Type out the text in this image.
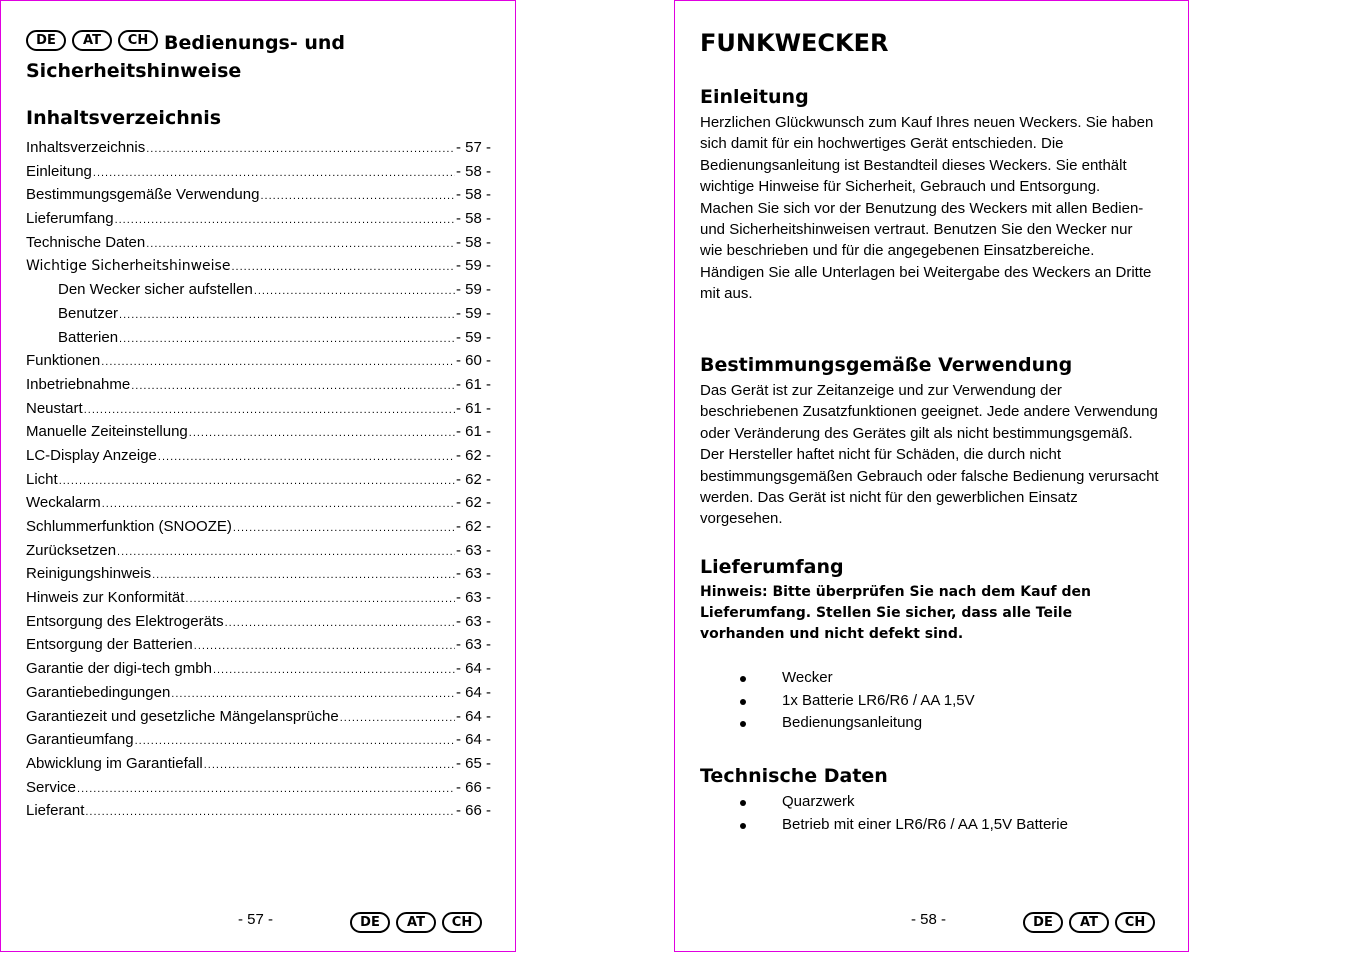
DE	AT	CH Bedienungs- und Sicherheitshinweise
Inhaltsverzeichnis
Inhaltsverzeichnis .....	- 57 -
Einleitung .....	- 58 -
Bestimmungsgemäße Verwendung .....	- 58 -
Lieferumfang .....	- 58 -
Technische Daten .....	- 58 -
Wichtige Sicherheitshinweise .....	- 59 -
Den Wecker sicher aufstellen .....	- 59 -
Benutzer .....	- 59 -
Batterien .....	- 59 -
Funktionen .....	- 60 -
Inbetriebnahme .....	- 61 -
Neustart .....	- 61 -
Manuelle Zeiteinstellung .....	- 61 -
LC-Display Anzeige .....	- 62 -
Licht .....	- 62 -
Weckalarm .....	- 62 -
Schlummerfunktion (SNOOZE) .....	- 62 -
Zurücksetzen .....	- 63 -
Reinigungshinweis .....	- 63 -
Hinweis zur Konformität .....	- 63 -
Entsorgung des Elektrogeräts .....	- 63 -
Entsorgung der Batterien .....	- 63 -
Garantie der digi-tech gmbh .....	- 64 -
Garantiebedingungen .....	- 64 -
Garantiezeit und gesetzliche Mängelansprüche .....	- 64 -
Garantieumfang .....	- 64 -
Abwicklung im Garantiefall .....	- 65 -
Service .....	- 66 -
Lieferant .....	- 66 -
- 57 -	DE	AT	CH
FUNKWECKER
Einleitung

Herzlichen Glückwunsch zum Kauf Ihres neuen Weckers. Sie haben sich damit für ein hochwertiges Gerät entschieden. Die Bedienungsanleitung ist Bestandteil dieses Weckers. Sie enthält wichtige Hinweise für Sicherheit, Gebrauch und Entsorgung. Machen Sie sich vor der Benutzung des Weckers mit allen Bedien- und Sicherheitshinweisen vertraut. Benutzen Sie den Wecker nur wie beschrieben und für die angegebenen Einsatzbereiche.

Händigen Sie alle Unterlagen bei Weitergabe des Weckers an Dritte mit aus.

Bestimmungsgemäße Verwendung

Das Gerät ist zur Zeitanzeige und zur Verwendung der beschriebenen Zusatzfunktionen geeignet. Jede andere Verwendung oder Veränderung des Gerätes gilt als nicht bestimmungsgemäß. Der Hersteller haftet nicht für Schäden, die durch nicht bestimmungsgemäßen Gebrauch oder falsche Bedienung verursacht werden. Das Gerät ist nicht für den gewerblichen Einsatz vorgesehen.

Lieferumfang

Hinweis: Bitte überprüfen Sie nach dem Kauf den Lieferumfang. Stellen Sie sicher, dass alle Teile vorhanden und nicht defekt sind.

Wecker
1x Batterie LR6/R6 / AA 1,5V
Bedienungsanleitung
Technische Daten
Quarzwerk
Betrieb mit einer LR6/R6 / AA 1,5V Batterie
- 58 -	DE	AT	CH
